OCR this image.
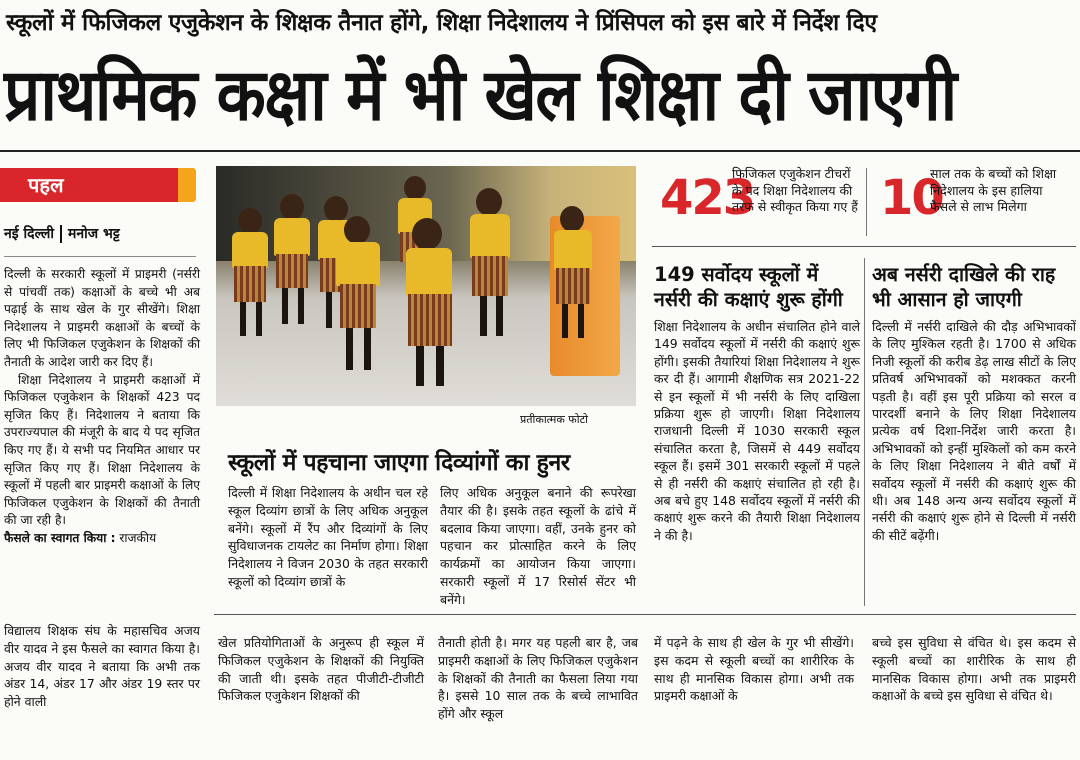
स्कूलों में फिजिकल एजुकेशन के शिक्षक तैनात होंगे, शिक्षा निदेशालय ने प्रिंसिपल को इस बारे में निर्देश दिए
प्राथमिक कक्षा में भी खेल शिक्षा दी जाएगी
पहल
नई दिल्ली मनोज भट्ट

दिल्ली के सरकारी स्कूलों में प्राइमरी (नर्सरी से पांचवीं तक) कक्षाओं के बच्चे भी अब पढ़ाई के साथ खेल के गुर सीखेंगे। शिक्षा निदेशालय ने प्राइमरी कक्षाओं के बच्चों के लिए भी फिजिकल एजुकेशन के शिक्षकों की तैनाती के आदेश जारी कर दिए हैं।

शिक्षा निदेशालय ने प्राइमरी कक्षाओं में फिजिकल एजुकेशन के शिक्षकों 423 पद सृजित किए हैं। निदेशालय ने बताया कि उपराज्यपाल की मंजूरी के बाद ये पद सृजित किए गए हैं। ये सभी पद नियमित आधार पर सृजित किए गए हैं। शिक्षा निदेशालय के स्कूलों में पहली बार प्राइमरी कक्षाओं के लिए फिजिकल एजुकेशन के शिक्षकों की तैनाती की जा रही है।

फैसले का स्वागत किया : राजकीय

प्रतीकात्मक फोटो
स्कूलों में पहचाना जाएगा दिव्यांगों का हुनर
दिल्ली में शिक्षा निदेशालय के अधीन चल रहे स्कूल दिव्यांग छात्रों के लिए अधिक अनुकूल बनेंगे। स्कूलों में रैंप और दिव्यांगों के लिए सुविधाजनक टायलेट का निर्माण होगा। शिक्षा निदेशालय ने विजन 2030 के तहत सरकारी स्कूलों को दिव्यांग छात्रों के
लिए अधिक अनुकूल बनाने की रूपरेखा तैयार की है। इसके तहत स्कूलों के ढांचे में बदलाव किया जाएगा। वहीं, उनके हुनर को पहचान कर प्रोत्साहित करने के लिए कार्यक्रमों का आयोजन किया जाएगा। सरकारी स्कूलों में 17 रिसोर्स सेंटर भी बनेंगे।
423
फिजिकल एजुकेशन टीचरों के पद शिक्षा निदेशालय की तरफ से स्वीकृत किया गए हैं 10
साल तक के बच्चों को शिक्षा निदेशालय के इस हालिया फैसले से लाभ मिलेगा
149 सर्वोदय स्कूलों में नर्सरी की कक्षाएं शुरू होंगी
शिक्षा निदेशालय के अधीन संचालित होने वाले 149 सर्वोदय स्कूलों में नर्सरी की कक्षाएं शुरू होंगी। इसकी तैयारियां शिक्षा निदेशालय ने शुरू कर दी हैं। आगामी शैक्षणिक सत्र 2021-22 से इन स्कूलों में भी नर्सरी के लिए दाखिला प्रक्रिया शुरू हो जाएगी। शिक्षा निदेशालय राजधानी दिल्ली में 1030 सरकारी स्कूल संचालित करता है, जिसमें से 449 सर्वोदय स्कूल हैं। इसमें 301 सरकारी स्कूलों में पहले से ही नर्सरी की कक्षाएं संचालित हो रही है। अब बचे हुए 148 सर्वोदय स्कूलों में नर्सरी की कक्षाएं शुरू करने की तैयारी शिक्षा निदेशालय ने की है।
अब नर्सरी दाखिले की राह भी आसान हो जाएगी
दिल्ली में नर्सरी दाखिले की दौड़ अभिभावकों के लिए मुश्किल रहती है। 1700 से अधिक निजी स्कूलों की करीब डेढ़ लाख सीटों के लिए प्रतिवर्ष अभिभावकों को मशक्कत करनी पड़ती है। वहीं इस पूरी प्रक्रिया को सरल व पारदर्शी बनाने के लिए शिक्षा निदेशालय प्रत्येक वर्ष दिशा-निर्देश जारी करता है। अभिभावकों को इन्हीं मुश्किलों को कम करने के लिए शिक्षा निदेशालय ने बीते वर्षों में सर्वोदय स्कूलों में नर्सरी की कक्षाएं शुरू की थी। अब 148 अन्य अन्य सर्वोदय स्कूलों में नर्सरी की कक्षाएं शुरू होने से दिल्ली में नर्सरी की सीटें बढ़ेंगी।
विद्यालय शिक्षक संघ के महासचिव अजय वीर यादव ने इस फैसले का स्वागत किया है। अजय वीर यादव ने बताया कि अभी तक अंडर 14, अंडर 17 और अंडर 19 स्तर पर होने वाली
खेल प्रतियोगिताओं के अनुरूप ही स्कूल में फिजिकल एजुकेशन के शिक्षकों की नियुक्ति की जाती थी। इसके तहत पीजीटी-टीजीटी फिजिकल एजुकेशन शिक्षकों की
तैनाती होती है। मगर यह पहली बार है, जब प्राइमरी कक्षाओं के लिए फिजिकल एजुकेशन के शिक्षकों की तैनाती का फैसला लिया गया है। इससे 10 साल तक के बच्चे लाभावित होंगे और स्कूल
में पढ़ने के साथ ही खेल के गुर भी सीखेंगे। इस कदम से स्कूली बच्चों का शारीरिक के साथ ही मानसिक विकास होगा। अभी तक प्राइमरी कक्षाओं के
बच्चे इस सुविधा से वंचित थे। इस कदम से स्कूली बच्चों का शारीरिक के साथ ही मानसिक विकास होगा। अभी तक प्राइमरी कक्षाओं के बच्चे इस सुविधा से वंचित थे।
